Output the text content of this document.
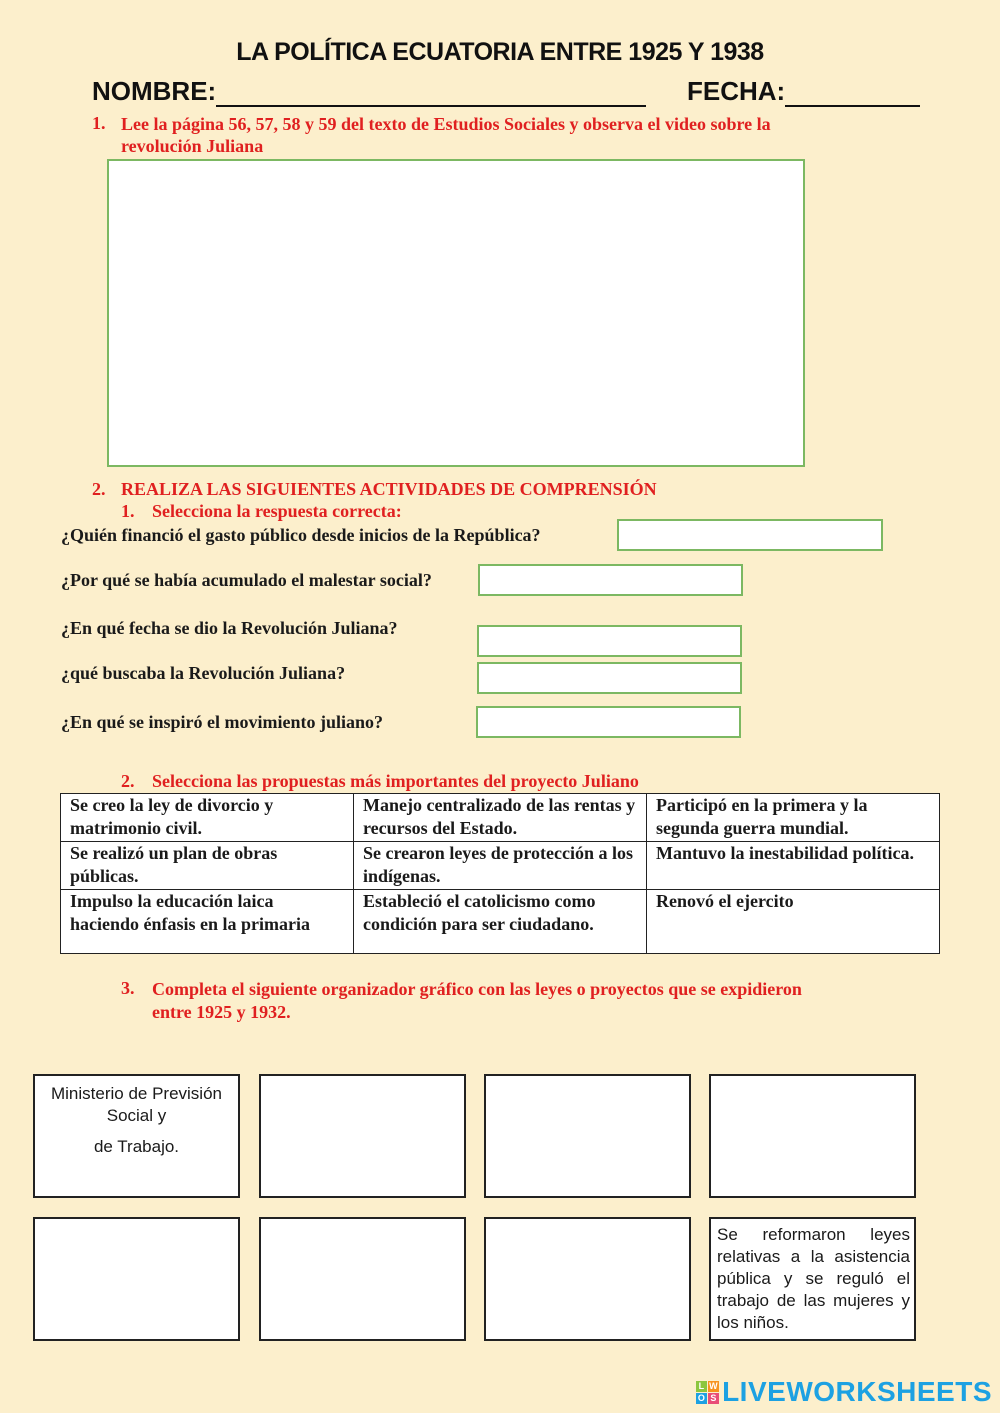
LA POLÍTICA ECUATORIA ENTRE 1925 Y 1938
NOMBRE:	FECHA:
1. Lee la página 56, 57, 58 y 59 del texto de Estudios Sociales y observa el video sobre la
revolución Juliana
2. REALIZA LAS SIGUIENTES ACTIVIDADES DE COMPRENSIÓN
1. Selecciona la respuesta correcta:
¿Quién financió el gasto público desde inicios de la República?
¿Por qué se había acumulado el malestar social?
¿En qué fecha se dio la Revolución Juliana?
¿qué buscaba la Revolución Juliana?
¿En qué se inspiró el movimiento juliano?
2. Selecciona las propuestas más importantes del proyecto Juliano
Se creo la ley de divorcio y matrimonio civil.	Manejo centralizado de las rentas y recursos del Estado.	Participó en la primera y la segunda guerra mundial.
Se realizó un plan de obras públicas.	Se crearon leyes de protección a los indígenas.	Mantuvo la inestabilidad política.
Impulso la educación laica haciendo énfasis en la primaria	Estableció el catolicismo como condición para ser ciudadano.	Renovó el ejercito
3. Completa el siguiente organizador gráfico con las leyes o proyectos que se expidieron
entre 1925 y 1932.
Ministerio de Previsión
Social y
de Trabajo.
Se reformaron leyes relativas a la asistencia pública y se reguló el trabajo de las mujeres y los niños.
L W
O S LIVEWORKSHEETS
